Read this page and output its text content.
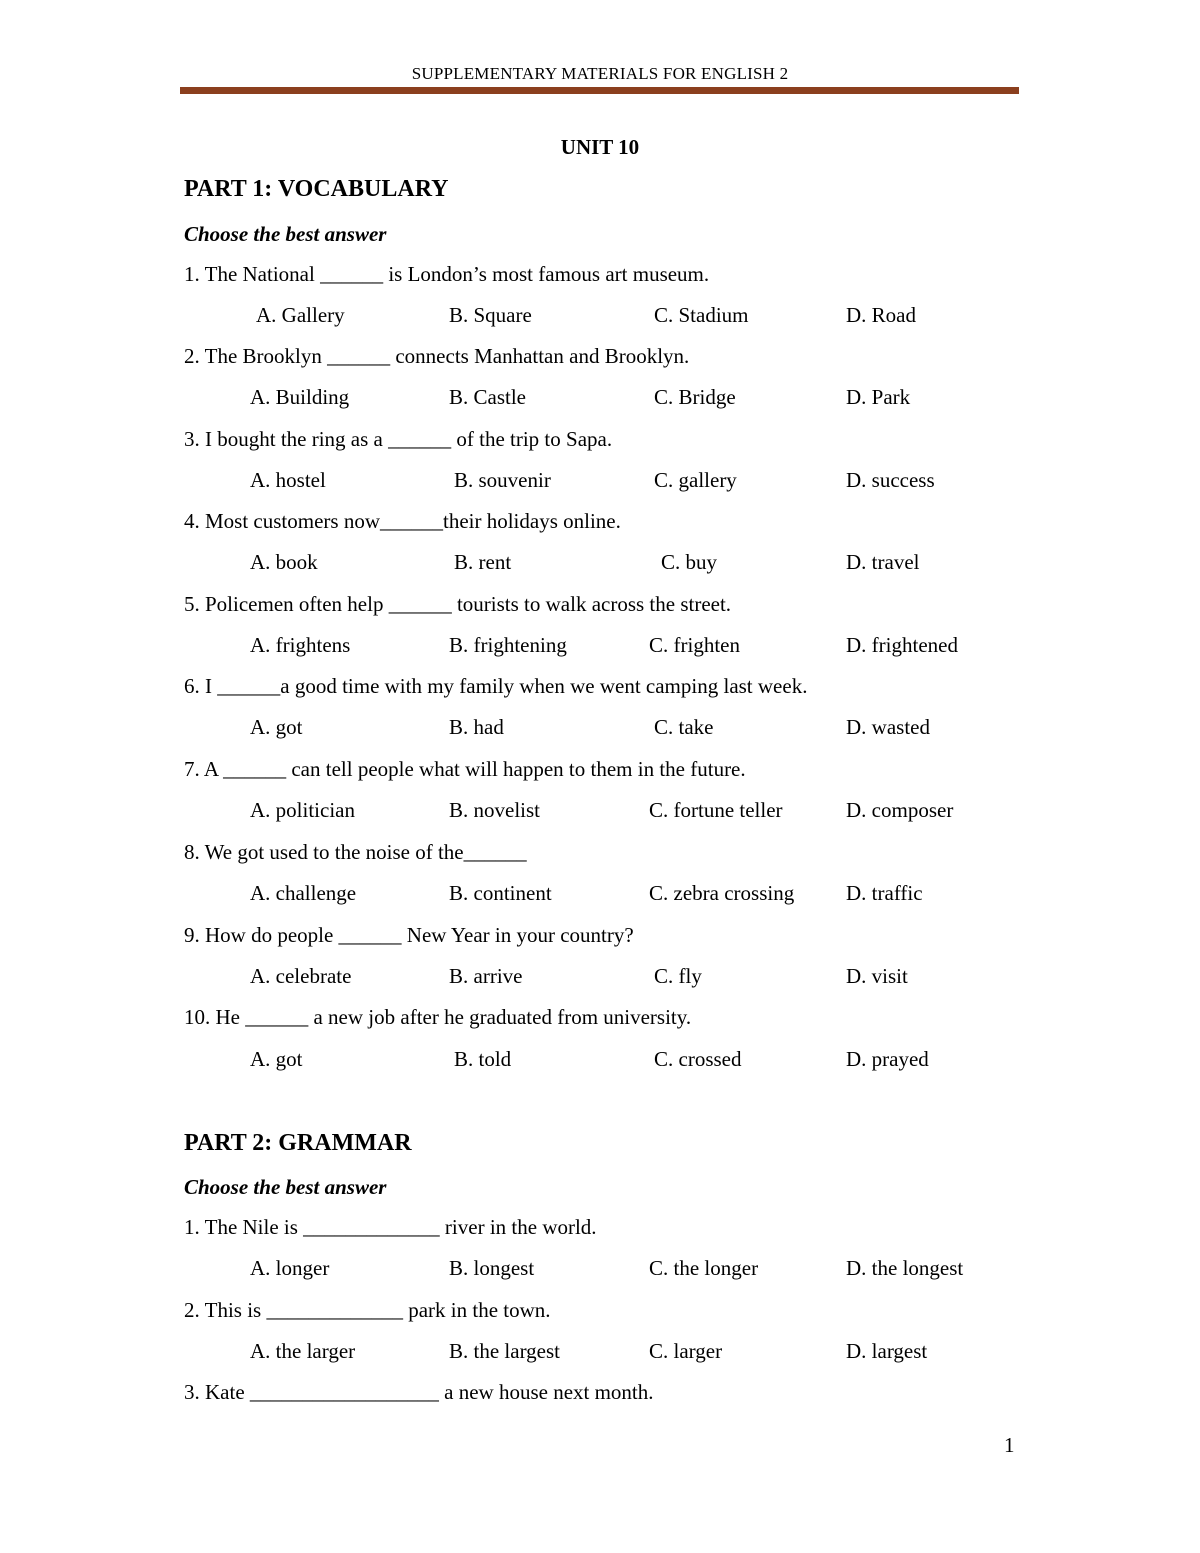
SUPPLEMENTARY MATERIALS FOR ENGLISH 2
UNIT 10
PART 1: VOCABULARY
Choose the best answer
1. The National ______ is London’s most famous art museum.
A. Gallery	B. Square	C. Stadium	D. Road
2. The Brooklyn ______ connects Manhattan and Brooklyn.
A. Building	B. Castle	C. Bridge	D. Park
3. I bought the ring as a ______ of the trip to Sapa.
A. hostel	B. souvenir	C. gallery	D. success
4. Most customers now______their holidays online.
A. book	B. rent	C. buy	D. travel
5. Policemen often help ______ tourists to walk across the street.
A. frightens	B. frightening	C. frighten	D. frightened
6. I ______a good time with my family when we went camping last week.
A. got	B. had	C. take	D. wasted
7. A ______ can tell people what will happen to them in the future.
A. politician	B. novelist	C. fortune teller	D. composer
8. We got used to the noise of the______
A. challenge	B. continent	C. zebra crossing D. traffic
9. How do people ______ New Year in your country?
A. celebrate	B. arrive	C. fly	D. visit
10. He ______ a new job after he graduated from university.
A. got	B. told	C. crossed	D. prayed
PART 2: GRAMMAR
Choose the best answer
1. The Nile is _____________ river in the world.
A. longer	B. longest	C. the longer	D. the longest
2. This is _____________ park in the town.
A. the larger	B. the largest	C. larger	D. largest
3. Kate __________________ a new house next month.
1
